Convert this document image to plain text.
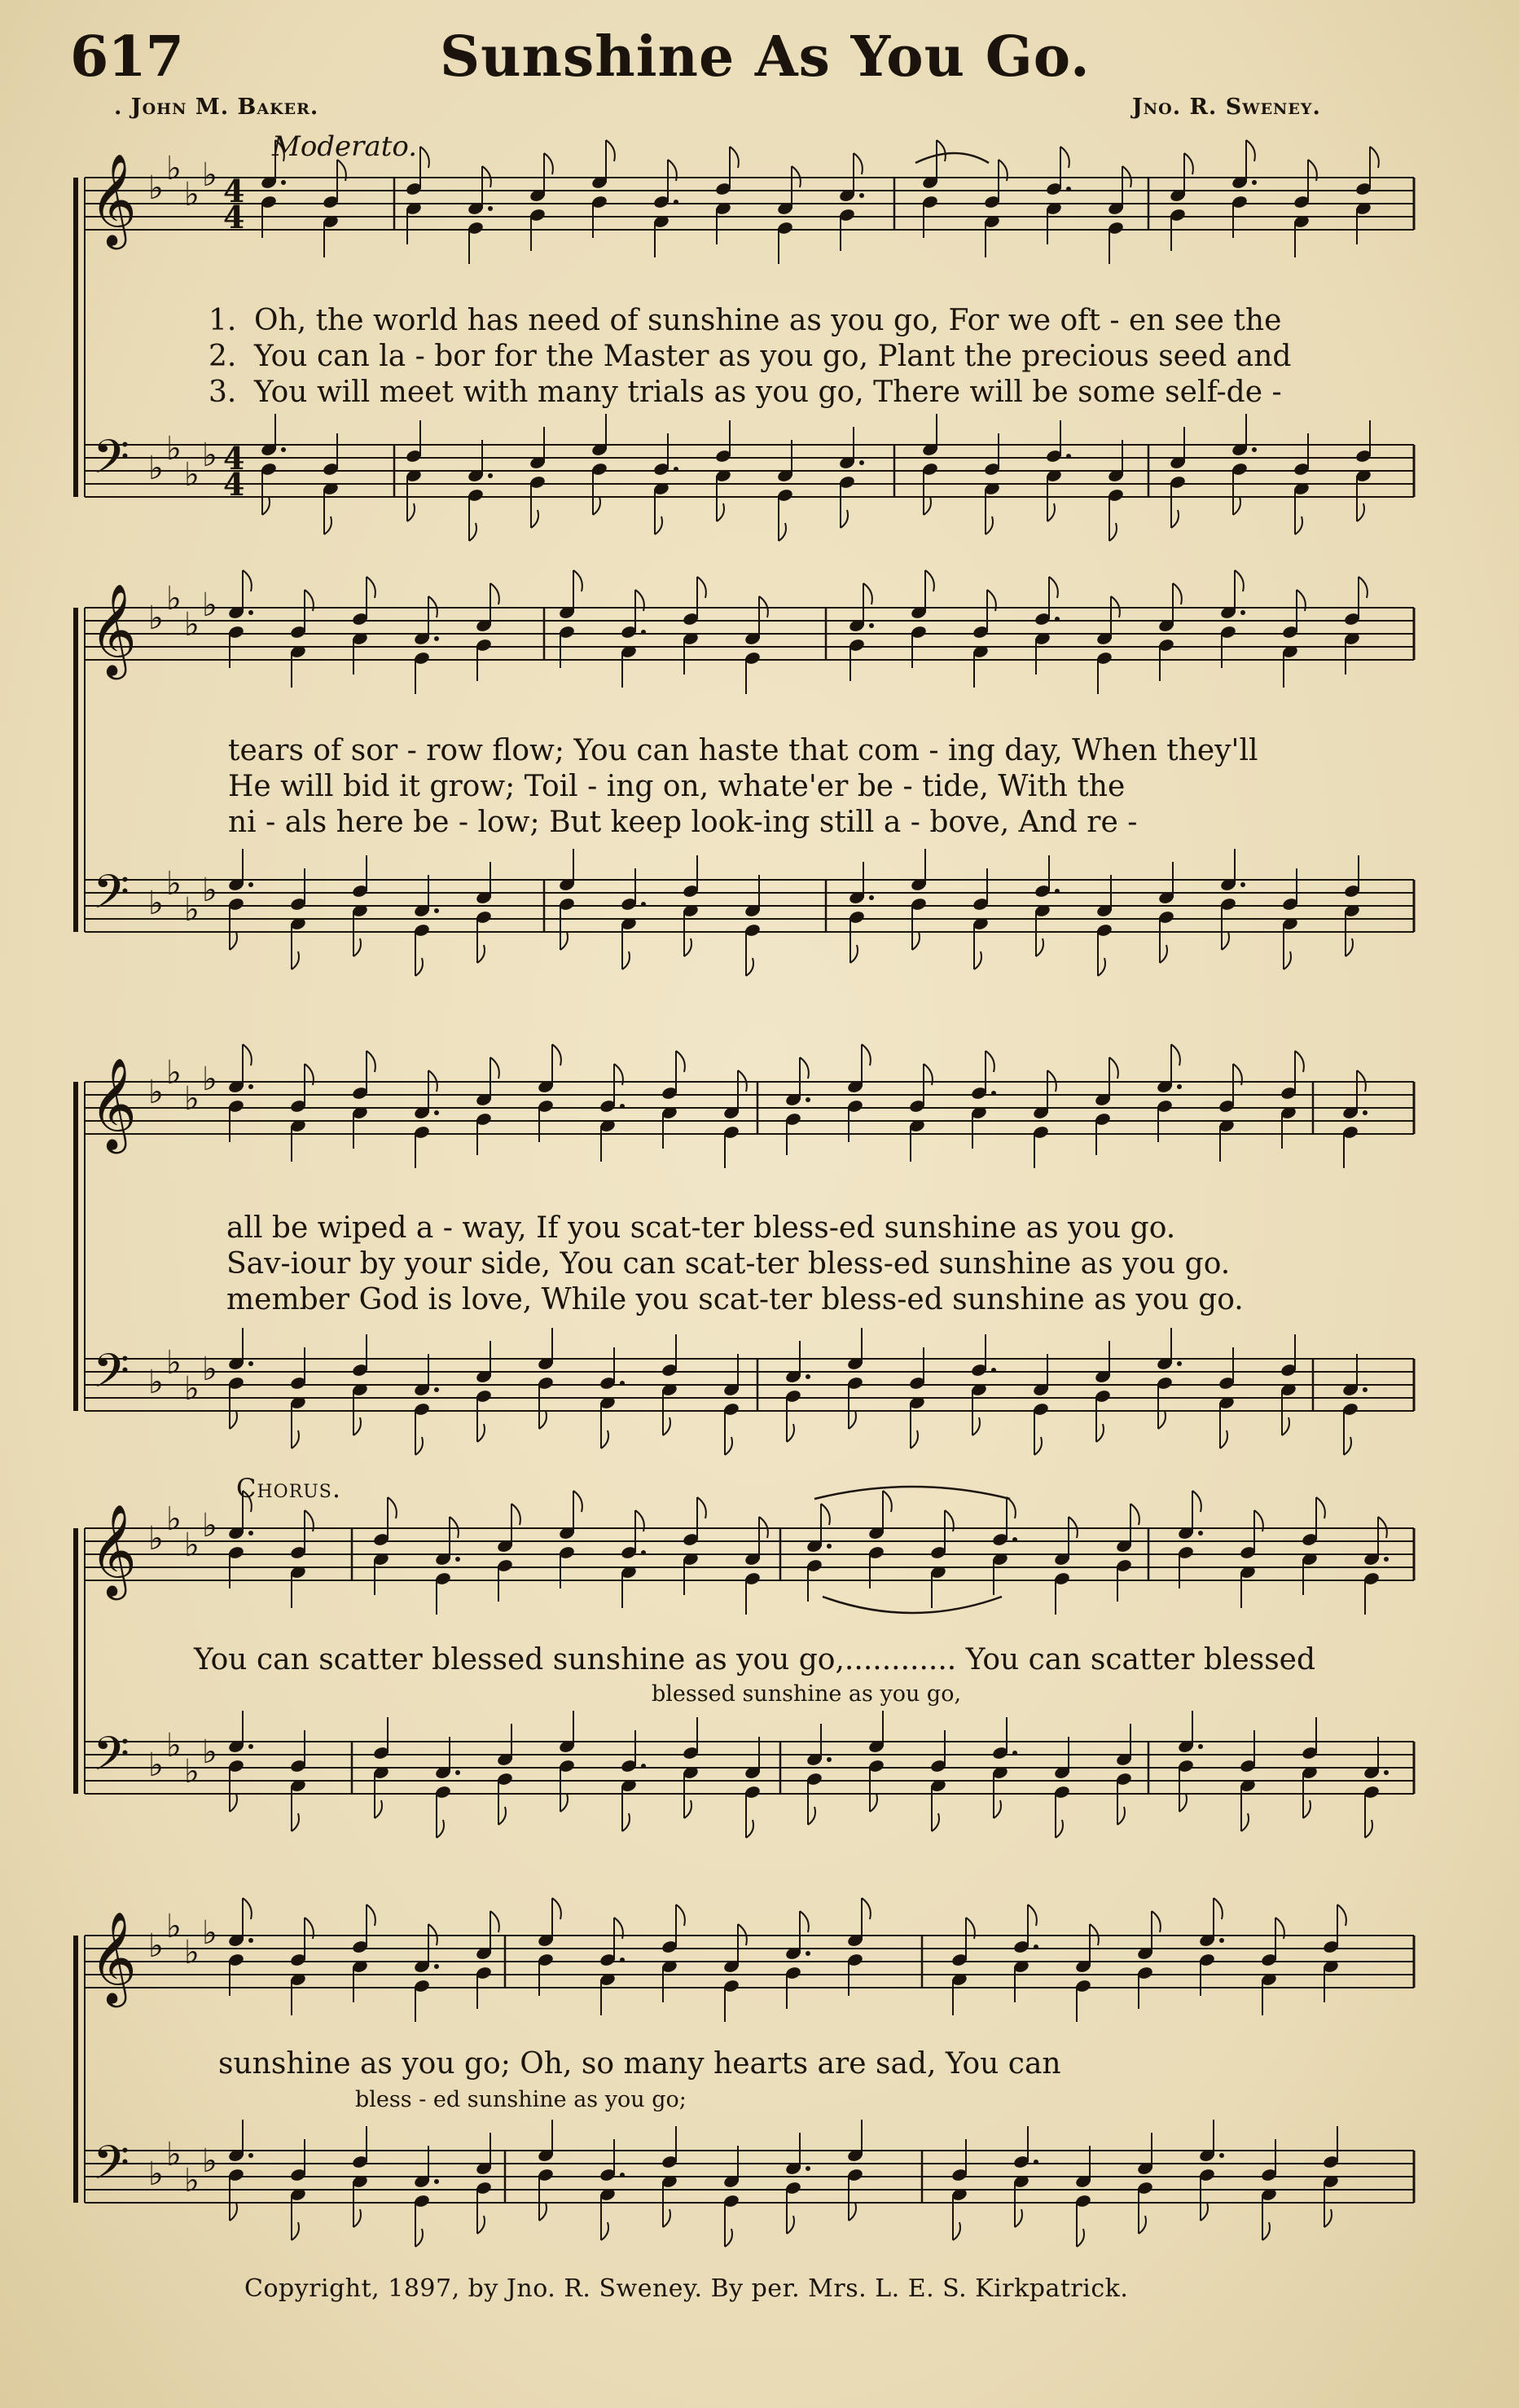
617	Sunshine As You Go.
. John M. Baker.	Jno. R. Sweney.
Moderato.
𝄞 ♭
♭
♭
♭ 4
4
𝄢 ♭
♭
♭
♭ 4
4
𝄞 ♭
♭
♭
♭
𝄢 ♭
♭
♭
♭
𝄞 ♭
♭
♭
♭
𝄢 ♭
♭
♭
♭
𝄞 ♭
♭
♭
♭
𝄢 ♭
♭
♭
♭
𝄞 ♭
♭
♭
♭
𝄢 ♭
♭
♭
♭
1. Oh, the world has need of sunshine as you go, For we oft - en see the
2. You can la - bor for the Master as you go, Plant the precious seed and
3. You will meet with many trials as you go, There will be some self-de -
tears of sor - row flow; You can haste that com - ing day, When they'll
He will bid it grow; Toil - ing on, whate'er be - tide, With the
ni - als here be - low; But keep look-ing still a - bove, And re -
all be wiped a - way, If you scat-ter bless-ed sunshine as you go.
Sav-iour by your side, You can scat-ter bless-ed sunshine as you go.
member God is love, While you scat-ter bless-ed sunshine as you go.
Chorus.
You can scatter blessed sunshine as you go,............ You can scatter blessed
blessed sunshine as you go,
sunshine as you go; Oh, so many hearts are sad, You can
bless - ed sunshine as you go;
Copyright, 1897, by Jno. R. Sweney. By per. Mrs. L. E. S. Kirkpatrick.
